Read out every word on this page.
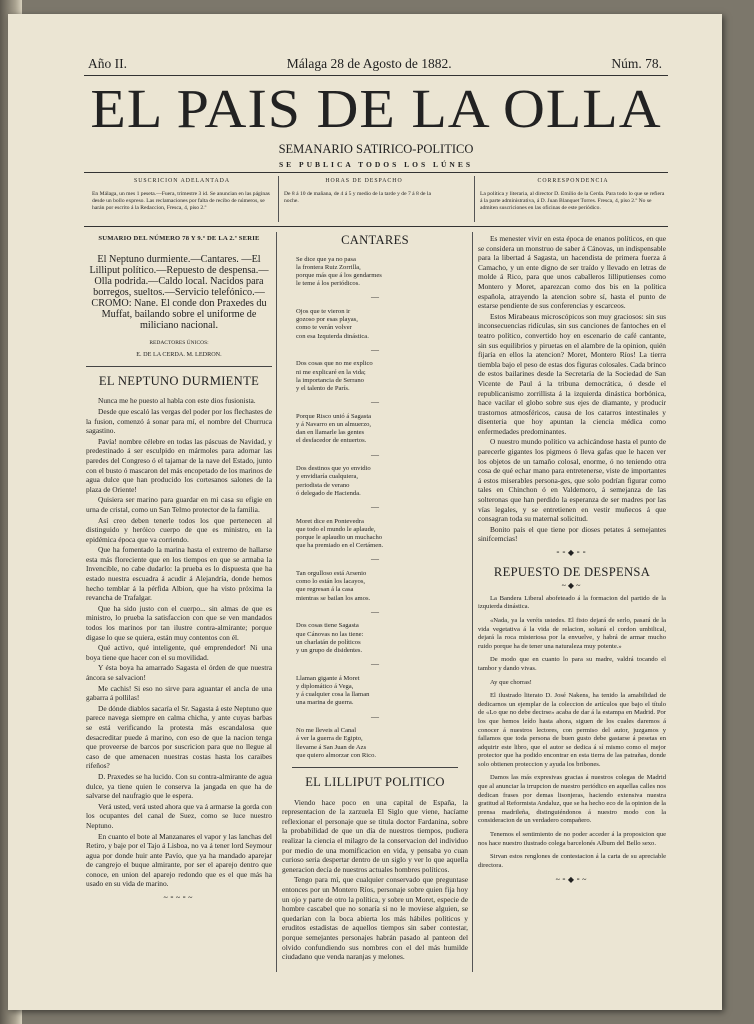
Año II.	Málaga 28 de Agosto de 1882.	Núm. 78.
EL PAIS DE LA OLLA
SEMANARIO SATIRICO-POLITICO
SE PUBLICA TODOS LOS LÚNES
SUSCRICION ADELANTADA
En Málaga, un mes 1 peseta.—Fuera, trimestre 3 id. Se anuncian en las páginas desde un bollo expreso. Las reclamaciones por falta de recibo de números, se harán por escrito á la Redaccion, Fresca, 4, piso 2.º
HORAS DE DESPACHO
De 8 á 10 de mañana, de 4 á 5 y medio de la tarde y de 7 á 8 de la noche.
CORRESPONDENCIA
La política y literaria, al director D. Emilio de la Cerda. Para todo lo que se refiera á la parte administrativa, á D. Juan Blanquet Torres. Fresca, 4, piso 2.º No se admiten suscriciones en las oficinas de este periódico.
SUMARIO DEL NÚMERO 78 Y 9.º DE LA 2.ª SERIE
El Neptuno durmiente.—Cantares. —El Lilliput político.—Repuesto de despensa.—Olla podrida.—Caldo local. Nacidos para borregos, sueltos.—Servicio telefónico.—CROMO: Nane. El conde don Praxedes du Muffat, bailando sobre el uniforme de miliciano nacional.
REDACTORES ÚNICOS:
E. DE LA CERDA. M. LEDRON.
EL NEPTUNO DURMIENTE

Nunca me he puesto al habla con este dios fusionista.

Desde que escaló las vergas del poder por los flechastes de la fusion, comenzó á sonar para mí, el nombre del Churruca sagastino.

Pavía! nombre célebre en todas las páscuas de Navidad, y predestinado á ser esculpido en mármoles para adornar las paredes del Congreso ó el tajamar de la nave del Estado, junto con el busto ó mascaron del más encopetado de los marinos de agua dulce que han producido los cortesanos salones de la plaza de Oriente!

Quisiera ser marino para guardar en mi casa su efigie en urna de cristal, como un San Telmo protector de la familia.

Así creo deben tenerle todos los que pertenecen al distinguido y heróico cuerpo de que es ministro, en la epidémica época que va corriendo.

Que ha fomentado la marina hasta el extremo de hallarse esta más floreciente que en los tiempos en que se armaba la Invencible, no cabe dudarlo: la prueba es lo dispuesta que ha estado nuestra escuadra á acudir á Alejandría, donde hemos hecho temblar á la pérfida Albion, que ha visto próxima la revancha de Trafalgar.

Que ha sido justo con el cuerpo... sin almas de que es ministro, lo prueba la satisfaccion con que se ven mandados todos los marinos por tan ilustre contra-almirante; porque digase lo que se quiera, están muy contentos con él.

Qué activo, qué inteligente, qué emprendedor! Ni una boya tiene que hacer con el su movilidad.

Y ésta boya ha amarrado Sagasta el órden de que nuestra áncora se salvacion!

Me cachis! Si eso no sirve para aguantar el ancla de una gabarra á pollilas!

De dónde diablos sacaría el Sr. Sagasta á este Neptuno que parece navega siempre en calma chicha, y ante cuyas barbas se está verificando la protesta más escandalosa que desacreditar puede á marino, con eso de que la nacion tenga que proveerse de barcos por suscricion para que no llegue al caso de que amenacen nuestras costas hasta los caraibes rifeños?

D. Praxedes se ha lucido. Con su contra-almirante de agua dulce, ya tiene quien le conserva la jangada en que ha de salvarse del naufragio que le espera.

Verá usted, verá usted ahora que va á armarse la gorda con los ocupantes del canal de Suez, como se luce nuestro Neptuno.

En cuanto el bote al Manzanares el vapor y las lanchas del Retiro, y baje por el Tajo á Lisboa, no va á tener lord Seymour agua por donde huir ante Pavío, que ya ha mandado aparejar de cangrejo el buque almirante, por ser el aparejo dentro que conoce, en union del aparejo redondo que es el que más ha usado en su vida de marino.

~⁃~⁃~
CANTARES
Se dice que ya no pasa
la frontera Ruiz Zorrilla,
porque más que á los gendarmes
le teme á los periódicos.
—
Ojos que te vieron ir
gozoso por esas playas,
como te verán volver
con esa Izquierda dinástica.
—
Dos cosas que no me explico
ni me explicaré en la vida;
la importancia de Serrano
y el talento de París.
—
Porque Risco unió á Sagasta
y á Navarro en un almuerzo,
dan en llamarle las gentes
el desfacedor de entuertos.
—
Dos destinos que yo envidio
y envidiaría cualquiera,
periodista de verano
ó delegado de Hacienda.
—
Moret dice en Pontevedra
que todo el mundo le aplaude,
porque le aplaudio un muchacho
que ha premiado en el Certámen.
—
Tan orgulloso está Arsenio
como lo están los lacayos,
que regresan á la casa
mientras se bailan los amos.
—
Dos cosas tiene Sagasta
que Cánovas no las tiene:
un charlatán de políticos
y un grupo de disidentes.
—
Llaman gigante á Moret
y diplomático á Vega,
y á cualquier cosa la llaman
una marina de guerra.
—
No me lleveis al Canal
á ver la guerra de Egipto,
llevame á San Juan de Azs
que quiero almorzar con Rico.
EL LILLIPUT POLITICO

Viendo hace poco en una capital de España, la representacion de la zarzuela El Siglo que viene, hacíame reflexionar el personaje que se titula doctor Fardanina, sobre la probabilidad de que un día de nuestros tiempos, pudiera realizar la ciencia el milagro de la conservacion del individuo por medio de una momificacion en vida, y pensaba yo cuan curioso seria despertar dentro de un siglo y ver lo que aquella generacion decía de nuestros actuales hombres políticos.

Tengo para mí, que cualquier conservado que preguntase entonces por un Montero Ríos, personaje sobre quien fija hoy un ojo y parte de otro la política, y sobre un Moret, especie de hombre cascabel que no sonaría si no le moviese alguien, se quedarían con la boca abierta los más hábiles políticos y eruditos estadistas de aquellos tiempos sin saber contestar, porque semejantes personajes habrán pasado al panteon del olvido confundiendo sus nombres con el del más humilde ciudadano que venda naranjas y melones.

Es menester vivir en esta época de enanos políticos, en que se considera un monstruo de saber á Cánovas, un indispensable para la libertad á Sagasta, un hacendista de primera fuerza á Camacho, y un ente digno de ser traído y llevado en letras de molde á Rico, para que unos caballeros lilliputienses como Montero y Moret, aparezcan como dos bis en la política española, atrayendo la atencion sobre sí, hasta el punto de estarse pendiente de sus conferencias y escarceos.

Estos Mirabeaus microscópicos son muy graciosos: sin sus inconsecuencias ridículas, sin sus canciones de fantoches en el teatro político, convertido hoy en escenario de café cantante, sin sus equilibrios y piruetas en el alambre de la opinion, quién fijaría en ellos la atencion? Moret, Montero Ríos! La tierra tiembla bajo el peso de estas dos figuras colosales. Cada brinco de estos bailarines desde la Secretaría de la Sociedad de San Vicente de Paul á la tribuna democrática, ó desde el republicanismo zorrillista á la izquierda dinástica borbónica, hace vacilar el globo sobre sus ejes de diamante, y producir trastornos atmosféricos, causa de los catarros intestinales y disenteria que hoy apuntan la ciencia médica como enfermedades predominantes.

O nuestro mundo político va achicándose hasta el punto de parecerle gigantes los pigmeos ó lleva gafas que le hacen ver los objetos de un tamaño colosal, enorme, ó no teniendo otra cosa de qué echar mano para entretenerse, viste de importantes á estos miserables persona-ges, que solo podrían figurar como tales en Chinchon ó en Valdemoro, á semejanza de las solteronas que han perdido la esperanza de ser madres por las vías legales, y se entretienen en vestir muñecos á que consagran toda su maternal solicitud.

Bonito país el que tiene por dioses petates á semejantes sinifcemcias!

⁃⁃◆⁃⁃
REPUESTO DE DESPENSA
~◆~

La Bandera Liberal abofeteado á la formacion del partido de la izquierda dinástica.

«Nada, ya la veréis ustedes. El fisto dejará de serlo, pasará de la vida vegetativa á la vida de relacion, soltará el cordon umbilical, dejará la roca misteriosa por la envuelve, y habrá de armar mucho ruido porque ha de tener una naturaleza muy potente.»

De modo que en cuanto lo para su madre, valdrá tocando el tambor y dando vivas.

Ay que chorras!

El ilustrado literato D. José Nakens, ha tenido la amabilidad de dedicarnos un ejemplar de la coleccion de artículos que bajo el título de «Lo que no debe decirse» acaba de dar á la estampa en Madrid. Por los que hemos leído hasta ahora, siguen de los cuales daremos á conocer á nuestros lectores, con permiso del autor, juzgamos y fallamos que toda persona de buen gusto debe gastarse á pesetas en adquirir este libro, que el autor se dedica á sí mismo como el mejor protector que ha podido encontrar en esta tierra de las patrañas, donde solo obtienen proteccion y ayuda los bribones.

Damos las más expresivas gracias á nuestros colegas de Madrid que al anunciar la irrupcion de nuestro periódico en aquellas calles nos dedican frases por demas lisonjeras, haciendo extensiva nuestra gratitud al Reformista Andaluz, que se ha hecho eco de la opinion de la prensa madrileña, distinguiéndonos á nuestro modo con la consideracion de un verdadero compañero.

Tenemos el sentimiento de no poder acceder á la proposicion que nos hace nuestro ilustrado colega barcelonés Album del Bello sexo.

Sirvan estos renglones de contestacion á la carta de su apreciable directora.

~⁃◆⁃~
